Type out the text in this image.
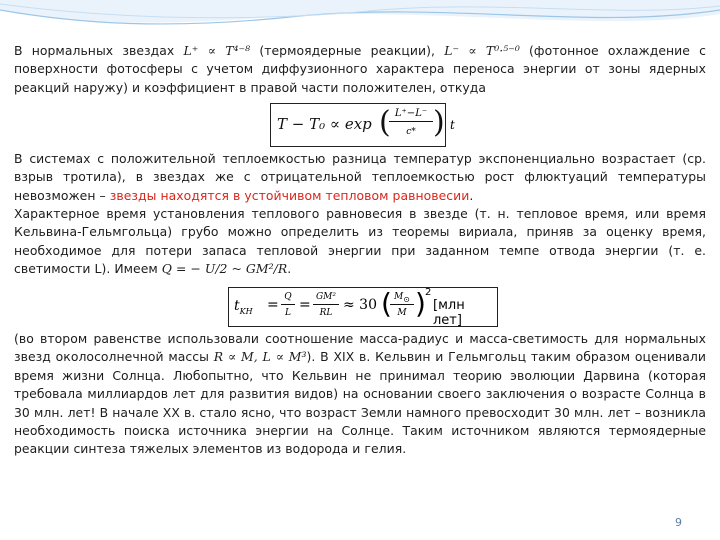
В нормальных звездах L⁺ ∝ T⁴⁻⁸ (термоядерные реакции), L⁻ ∝ T⁰·⁵⁻⁰ (фотонное охлаждение с поверхности фотосферы с учетом диффузионного характера переноса энергии от зоны ядерных реакций наружу) и коэффициент в правой части положителен, откуда
T − T₀ ∝ exp ( L⁺−L⁻
c* ) t
В системах с положительной теплоемкостью разница температур экспоненциально возрастает (ср. взрыв тротила), в звездах же с отрицательной теплоемкостью рост флюктуаций температуры невозможен – звезды находятся в устойчивом тепловом равновесии.
Характерное время установления теплового равновесия в звезде (т. н. тепловое время, или время Кельвина-Гельмгольца) грубо можно определить из теоремы вириала, приняв за оценку время, необходимое для потери запаса тепловой энергии при заданном темпе отвода энергии (т. е. светимости L). Имеем Q = − U/2 ~ GM²/R.
$t_{KH} = Q$
L = GM²
RL ≈ 30 ( $M_⊙$
M ) 2
[млн лет]
(во втором равенстве использовали соотношение масса-радиус и масса-светимость для нормальных звезд околосолнечной массы R ∝ M, L ∝ M³). В XIX в. Кельвин и Гельмгольц таким образом оценивали время жизни Солнца. Любопытно, что Кельвин не принимал теорию эволюции Дарвина (которая требовала миллиардов лет для развития видов) на основании своего заключения о возрасте Солнца в 30 млн. лет! В начале XX в. стало ясно, что возраст Земли намного превосходит 30 млн. лет – возникла необходимость поиска источника энергии на Солнце. Таким источником являются термоядерные реакции синтеза тяжелых элементов из водорода и гелия.
9
